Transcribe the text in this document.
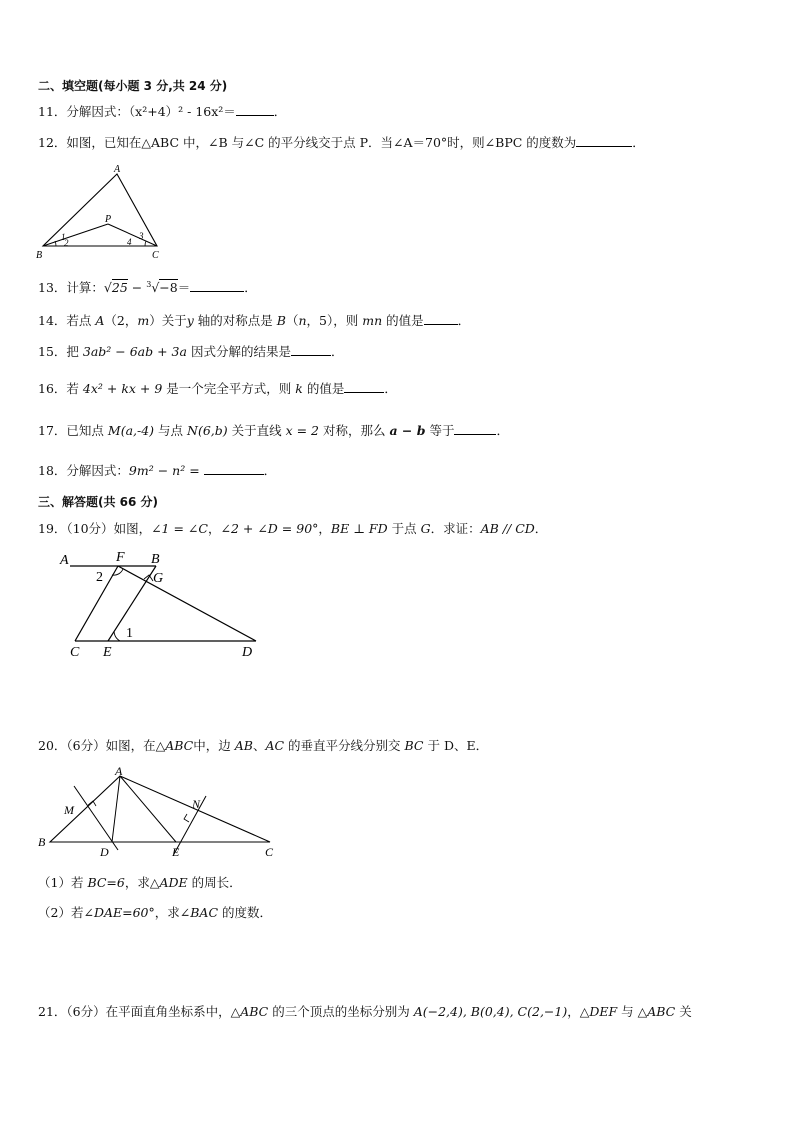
二、填空题(每小题 3 分,共 24 分)
11．分解因式：（x²+4）² - 16x²＝	．
12．如图，已知在△ABC 中，∠B 与∠C 的平分线交于点 P．当∠A＝70°时，则∠BPC 的度数为	．
A
B	C
P
1
2
3
4
13．计算：√25 − $^3$√−8＝	．
14．若点 A（2，m）关于y 轴的对称点是 B（n，5），则 mn 的值是	．
15．把 3ab² − 6ab + 3a 因式分解的结果是	．
16．若 4x² + kx + 9 是一个完全平方式，则 k 的值是	．
17．已知点 M(a,-4) 与点 N(6,b) 关于直线 x = 2 对称，那么 a − b 等于	．
18．分解因式：9m² − n² =	．
三、解答题(共 66 分)
19．（10分）如图，∠1 = ∠C，∠2 + ∠D = 90°，BE ⊥ FD 于点 G．求证：AB // CD．
A	F B
G
2
1
C E	D
20．（6分）如图，在△ABC中，边 AB、AC 的垂直平分线分别交 BC 于 D、E．
A
B
C
D	E
M	N
（1）若 BC=6，求△ADE 的周长．
（2）若∠DAE=60°，求∠BAC 的度数．
21．（6分）在平面直角坐标系中，△ABC 的三个顶点的坐标分别为 A(−2,4), B(0,4), C(2,−1)，△DEF 与 △ABC 关
